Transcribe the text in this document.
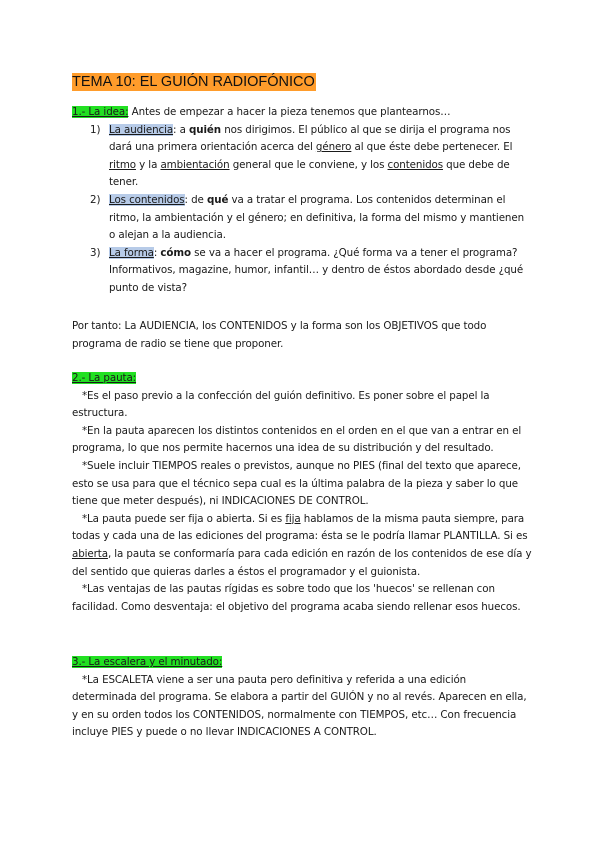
TEMA 10: EL GUIÓN RADIOFÓNICO

1.- La idea: Antes de empezar a hacer la pieza tenemos que plantearnos…

1) La audiencia: a quién nos dirigimos. El público al que se dirija el programa nos dará una primera orientación acerca del género al que éste debe pertenecer. El ritmo y la ambientación general que le conviene, y los contenidos que debe de tener.
2) Los contenidos: de qué va a tratar el programa. Los contenidos determinan el ritmo, la ambientación y el género; en definitiva, la forma del mismo y mantienen o alejan a la audiencia.
3) La forma: cómo se va a hacer el programa. ¿Qué forma va a tener el programa? Informativos, magazine, humor, infantil… y dentro de éstos abordado desde ¿qué punto de vista?
Por tanto: La AUDIENCIA, los CONTENIDOS y la forma son los OBJETIVOS que todo programa de radio se tiene que proponer.

2.- La pauta:

*Es el paso previo a la confección del guión definitivo. Es poner sobre el papel la estructura.

*En la pauta aparecen los distintos contenidos en el orden en el que van a entrar en el programa, lo que nos permite hacernos una idea de su distribución y del resultado.

*Suele incluir TIEMPOS reales o previstos, aunque no PIES (final del texto que aparece, esto se usa para que el técnico sepa cual es la última palabra de la pieza y saber lo que tiene que meter después), ni INDICACIONES DE CONTROL.

*La pauta puede ser fija o abierta. Si es fija hablamos de la misma pauta siempre, para todas y cada una de las ediciones del programa: ésta se le podría llamar PLANTILLA. Si es abierta, la pauta se conformaría para cada edición en razón de los contenidos de ese día y del sentido que quieras darles a éstos el programador y el guionista.

*Las ventajas de las pautas rígidas es sobre todo que los 'huecos' se rellenan con facilidad. Como desventaja: el objetivo del programa acaba siendo rellenar esos huecos.

3.- La escalera y el minutado:

*La ESCALETA viene a ser una pauta pero definitiva y referida a una edición determinada del programa. Se elabora a partir del GUIÓN y no al revés. Aparecen en ella, y en su orden todos los CONTENIDOS, normalmente con TIEMPOS, etc… Con frecuencia incluye PIES y puede o no llevar INDICACIONES A CONTROL.
